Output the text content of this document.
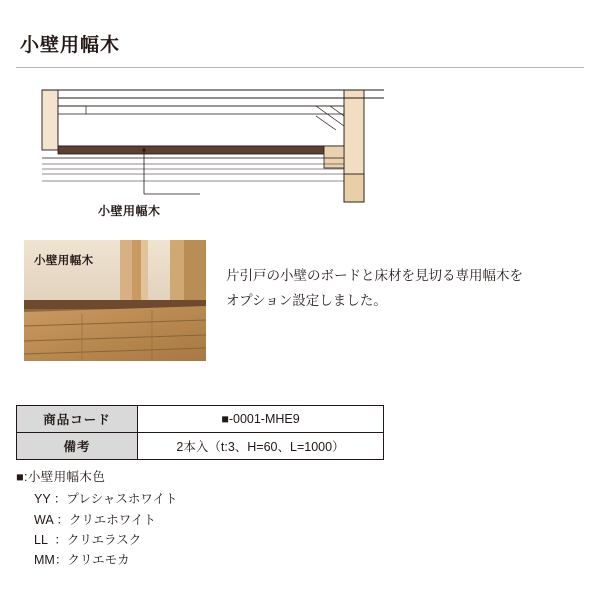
小壁用幅木
小壁用幅木
小壁用幅木
片引戸の小壁のボードと床材を見切る専用幅木を
オプション設定しました。
商品コード	■-0001-MHE9
備考	2本入（t:3、H=60、L=1000）
■:小壁用幅木色
YY ：プレシャスホワイト
WA ：クリエホワイト
LL  ：クリエラスク
MM：クリエモカ
